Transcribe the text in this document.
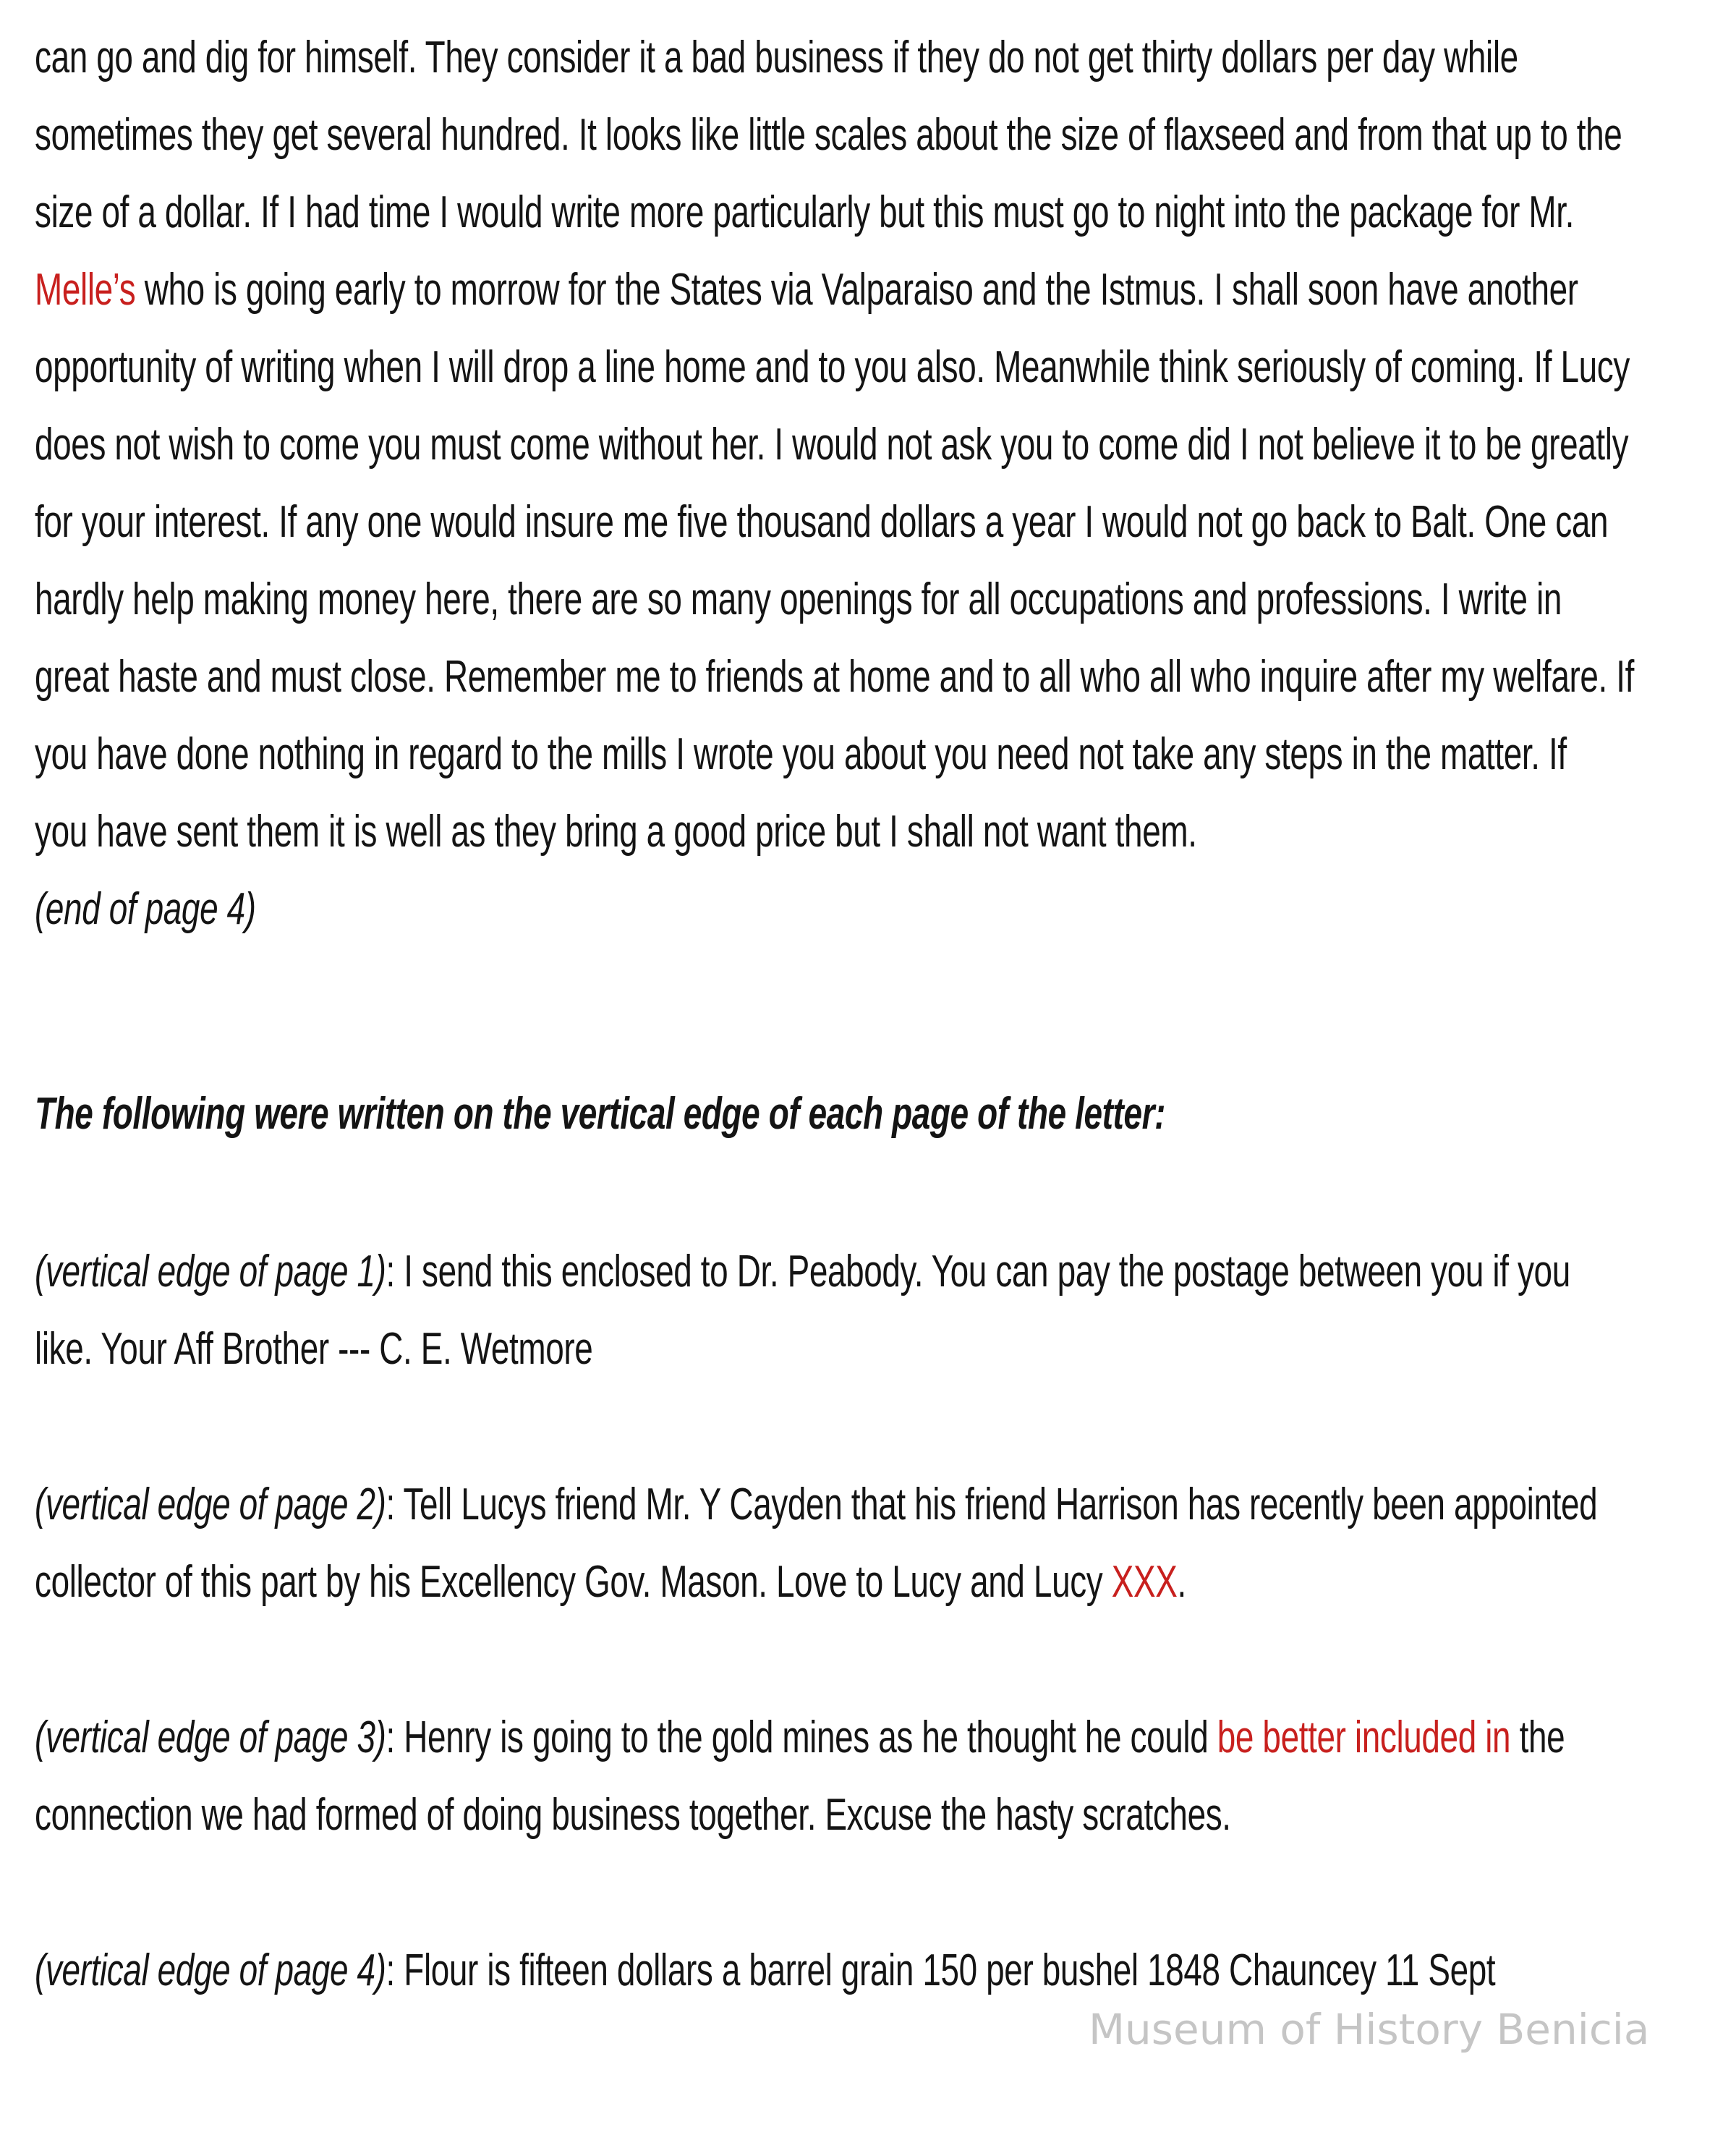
can go and dig for himself. They consider it a bad business if they do not get thirty dollars per day while
sometimes they get several hundred. It looks like little scales about the size of flaxseed and from that up to the
size of a dollar. If I had time I would write more particularly but this must go to night into the package for Mr.
Melle’s who is going early to morrow for the States via Valparaiso and the Istmus. I shall soon have another
opportunity of writing when I will drop a line home and to you also. Meanwhile think seriously of coming. If Lucy
does not wish to come you must come without her. I would not ask you to come did I not believe it to be greatly
for your interest. If any one would insure me five thousand dollars a year I would not go back to Balt. One can
hardly help making money here, there are so many openings for all occupations and professions. I write in
great haste and must close. Remember me to friends at home and to all who all who inquire after my welfare. If
you have done nothing in regard to the mills I wrote you about you need not take any steps in the matter. If
you have sent them it is well as they bring a good price but I shall not want them.
(end of page 4)
The following were written on the vertical edge of each page of the letter:
(vertical edge of page 1): I send this enclosed to Dr. Peabody. You can pay the postage between you if you
like. Your Aff Brother --- C. E. Wetmore
(vertical edge of page 2): Tell Lucys friend Mr. Y Cayden that his friend Harrison has recently been appointed
collector of this part by his Excellency Gov. Mason. Love to Lucy and Lucy XXX.
(vertical edge of page 3): Henry is going to the gold mines as he thought he could be better included in the
connection we had formed of doing business together. Excuse the hasty scratches.
(vertical edge of page 4): Flour is fifteen dollars a barrel grain 150 per bushel 1848 Chauncey 11 Sept
Museum of History Benicia
